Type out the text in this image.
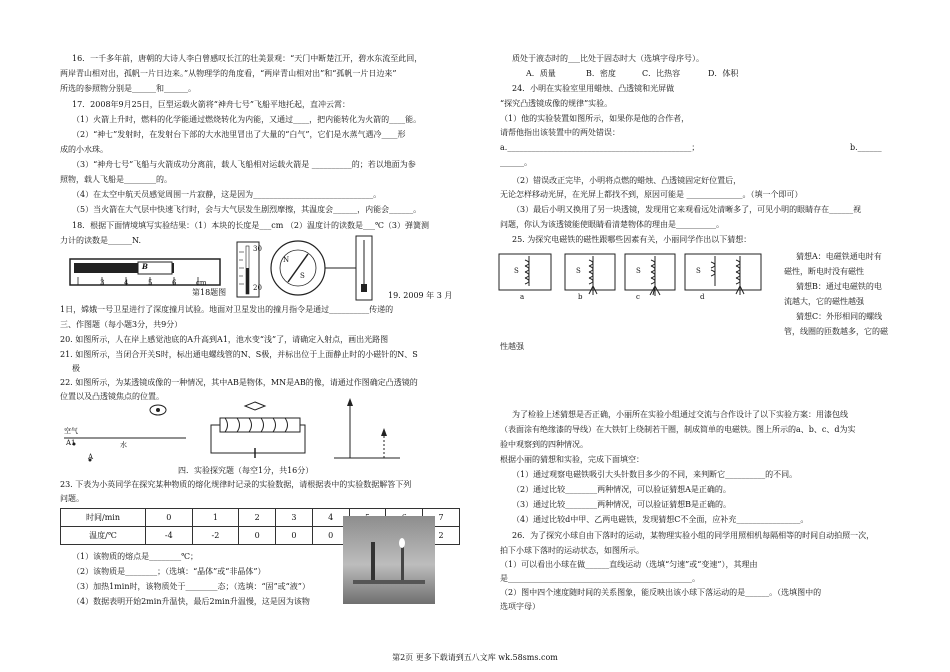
16．一千多年前，唐朝的大诗人李白曾感叹长江的壮美景观：“天门中断楚江开，碧水东流至此回，
两岸青山相对出，孤帆一片日边来。”从物理学的角度看，“两岸青山相对出”和“孤帆一片日边来”
所选的参照物分别是______和______。
17．2008年9月25日，巨型运载火箭将“神舟七号”飞船平地托起，直冲云霄：
（1）火箭上升时，燃料的化学能通过燃烧转化为内能，又通过____，把内能转化为火箭的____能。
（2）“神七”发射时，在发射台下部的大水池里冒出了大量的“白气”，它们是水蒸气遇冷____形
成的小水珠。
（3）“神舟七号”飞船与火箭成功分离前，载人飞船相对运载火箭是 __________的；若以地面为参
照物，载人飞船是________的。
（4）在太空中航天员感觉周围一片寂静，这是因为______________________________。
（5）当火箭在大气层中快速飞行时，会与大气层发生剧烈摩擦，其温度会______，内能会______。
18．根据下面情境填写实验结果：（1）本块的长度是___cm （2）温度计的读数是___℃（3）弹簧测
力计的读数是______N.
B
3	4	5	6	cm
30
20
N
S
第18题图	19. 2009 年 3 月
1日，嫦娥一号卫星进行了深度撞月试验。地面对卫星发出的撞月指令是通过__________传递的
三、作图题（每小题3分，共9分）
20. 如图所示，人在岸上感觉池底的A升高到A1，池水变“浅”了，请确定入射点，画出光路图
21. 如图所示，当闭合开关S时，标出通电螺线管的N、S极，并标出位于上面静止时的小磁针的N、S
极
22. 如图所示，为某透镜成像的一种情况，其中AB是物体，MN是AB的像，请通过作图确定凸透镜的
位置以及凸透镜焦点的位置。
空气
水
A1
A
四．实验探究题（每空1分，共16分）
23. 下表为小英同学在探究某种物质的熔化规律时记录的实验数据，请根据表中的实验数据解答下列
问题。
时间/min	0	1	2	3	4			7
温度/℃	-4	-2	0	0	0			2
（1）该物质的熔点是________℃；
（2）该物质是________；（选填：“晶体”或“非晶体”）
（3）加热1min时，该物质处于________态；（选填：“固”或“液”）
（4）数据表明开始2min升温快，最后2min升温慢，这是因为该物
质处于液态时的___比处于固态时大（选填字母序号）。
A．质量	B．密度	C．比热容	D．体积
24．小明在实验室里用蜡烛、凸透镜和光屏做
“探究凸透镜成像的规律”实验。
（1）他的实验装置如图所示，如果你是他的合作者，
请帮他指出该装置中的两处错误：
a.______________________________________________；	b.______
______。
（2）错误改正完毕，小明将点燃的蜡烛、凸透镜固定好位置后，
无论怎样移动光屏，在光屏上都找不到，原因可能是 ______________。（填一个即可）
（3）最后小明又换用了另一块透镜，发现用它来观看远处清晰多了，可见小明的眼睛存在______视
问题，你认为该透镜能使眼睛看清楚物体的理由是__________。
25. 为探究电磁铁的磁性跟哪些因素有关，小丽同学作出以下猜想：
S	S	S	S
a	b	c	d
猜想A：电磁铁通电时有
磁性，断电时没有磁性
猜想B：通过电磁铁的电
流越大，它的磁性越强
猜想C：外形相同的螺线
管，线圈的匝数越多，它的磁
性越强
为了检验上述猜想是否正确，小丽所在实验小组通过交流与合作设计了以下实验方案：用漆包线
（表面涂有绝缘漆的导线）在大铁钉上绕制若干圈，制成简单的电磁铁。图上所示的a、b、c、d为实
验中观察到的四种情况。
根据小丽的猜想和实验，完成下面填空：
（1）通过观察电磁铁吸引大头针数目多少的不同，来判断它__________的不同。
（2）通过比较________两种情况，可以验证猜想A是正确的。
（3）通过比较________两种情况，可以验证猜想B是正确的。
（4）通过比较d中甲、乙两电磁铁，发现猜想C不全面，应补充________________。
26．为了探究小球自由下落时的运动，某物理实验小组的同学用照相机每隔相等的时间自动拍照一次，
拍下小球下落时的运动状态，如图所示。
（1）可以看出小球在做______直线运动（选填“匀速”或“变速”），其理由
是______________________________________________。
（2）图中四个速度随时间的关系图象，能反映出该小球下落运动的是______。（选填图中的
选项字母）
第2页 更多下载请到五八文库 wk.58sms.com
